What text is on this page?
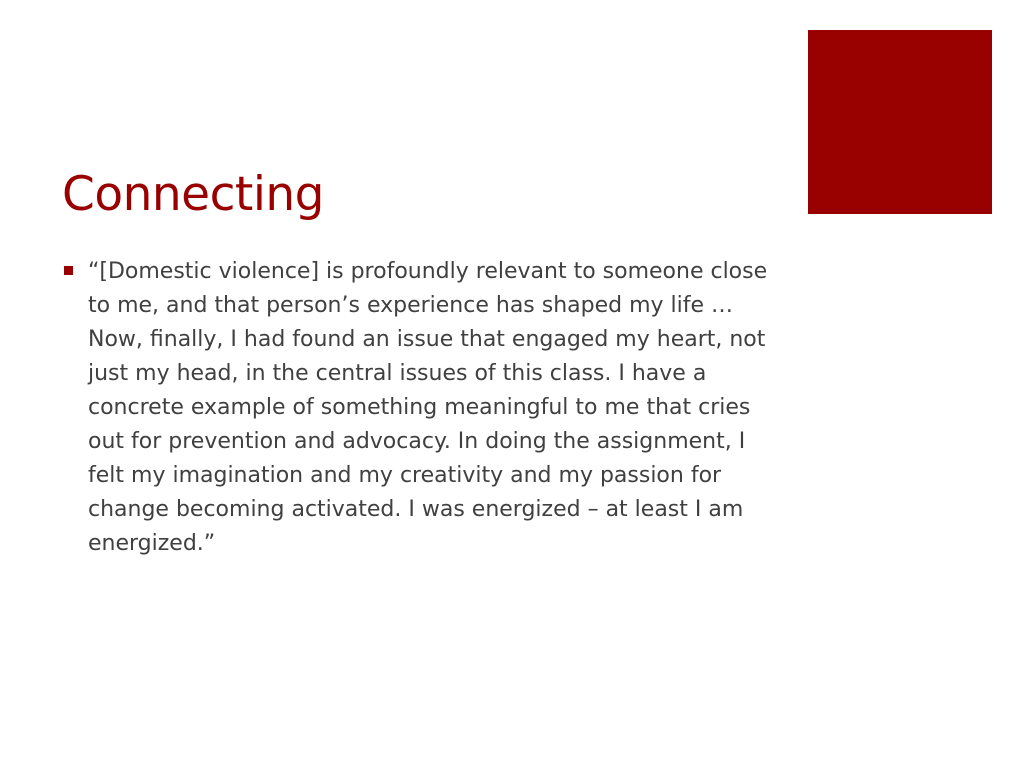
Connecting
“[Domestic violence] is profoundly relevant to someone close to me, and that person’s experience has shaped my life … Now, finally, I had found an issue that engaged my heart, not just my head, in the central issues of this class. I have a concrete example of something meaningful to me that cries out for prevention and advocacy. In doing the assignment, I felt my imagination and my creativity and my passion for change becoming activated. I was energized – at least I am energized.”
